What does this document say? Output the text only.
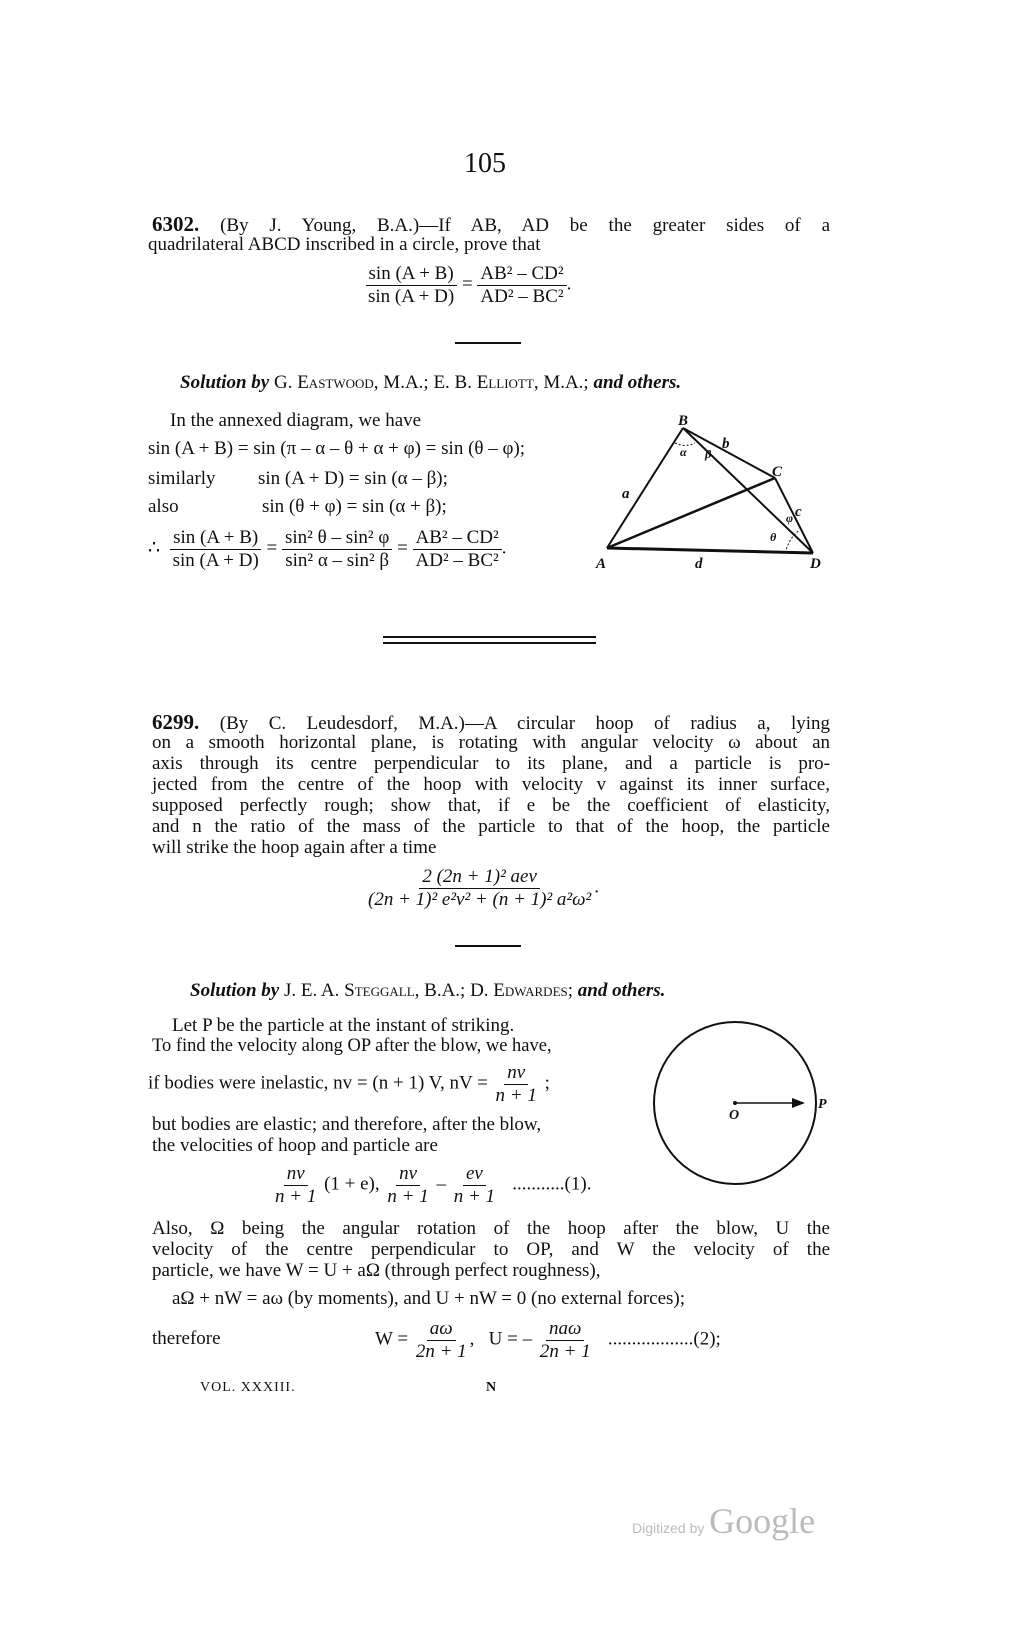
105
6302. (By J. Young, B.A.)—If AB, AD be the greater sides of a
quadrilateral ABCD inscribed in a circle, prove that
$\frac{\sin (A + B)}{\sin (A + D)} = \frac{\text{AB² – CD²}}{\text{AD² – BC²}}$ .
Solution by G. Eastwood, M.A.; E. B. Elliott, M.A.; and others.
In the annexed diagram, we have
sin (A + B) = sin (π – α – θ + α + φ) = sin (θ – φ);
similarly sin (A + D) = sin (α – β);
also	sin (θ + φ) = sin (α + β);
∴ $\frac{\sin (A + B)}{\sin (A + D)} = \frac{\text{sin² θ – sin² φ}}{\text{sin² α – sin² β}} = \frac{\text{AB² – CD²}}{\text{AD² – BC²}}$ .
A
B
C
D
a
b
c
d
α β
θ
φ
6299. (By C. Leudesdorf, M.A.)—A circular hoop of radius a, lying
on a smooth horizontal plane, is rotating with angular velocity ω about an
axis through its centre perpendicular to its plane, and a particle is pro-
jected from the centre of the hoop with velocity v against its inner surface,
supposed perfectly rough; show that, if e be the coefficient of elasticity,
and n the ratio of the mass of the particle to that of the hoop, the particle
will strike the hoop again after a time
$\frac{\text{2 (2n + 1)² aev}}{\text{(2n + 1)² e²v² + (n + 1)² a²ω²}}$ .
Solution by J. E. A. Steggall, B.A.; D. Edwardes; and others.
Let P be the particle at the instant of striking.
To find the velocity along OP after the blow, we have,
if bodies were inelastic, nv = (n + 1) V, nV = $\frac{nv}{n + 1}$ ;
but bodies are elastic; and therefore, after the blow,
the velocities of hoop and particle are
$\frac{nv}{n + 1} (1 + e)$, $\frac{nv}{n + 1} - \frac{ev}{n + 1} ...........(1)$.
O
P
Also, Ω being the angular rotation of the hoop after the blow, U the
velocity of the centre perpendicular to OP, and W the velocity of the
particle, we have W = U + aΩ (through perfect roughness),
aΩ + nW = aω (by moments), and U + nW = 0 (no external forces);
therefore	$W = \frac{a\omega}{2n + 1}$ ,   U = – $\frac{\text{naω}}{2n + 1} ..................(2)$;
VOL. XXXIII.	N
Digitized by Google
